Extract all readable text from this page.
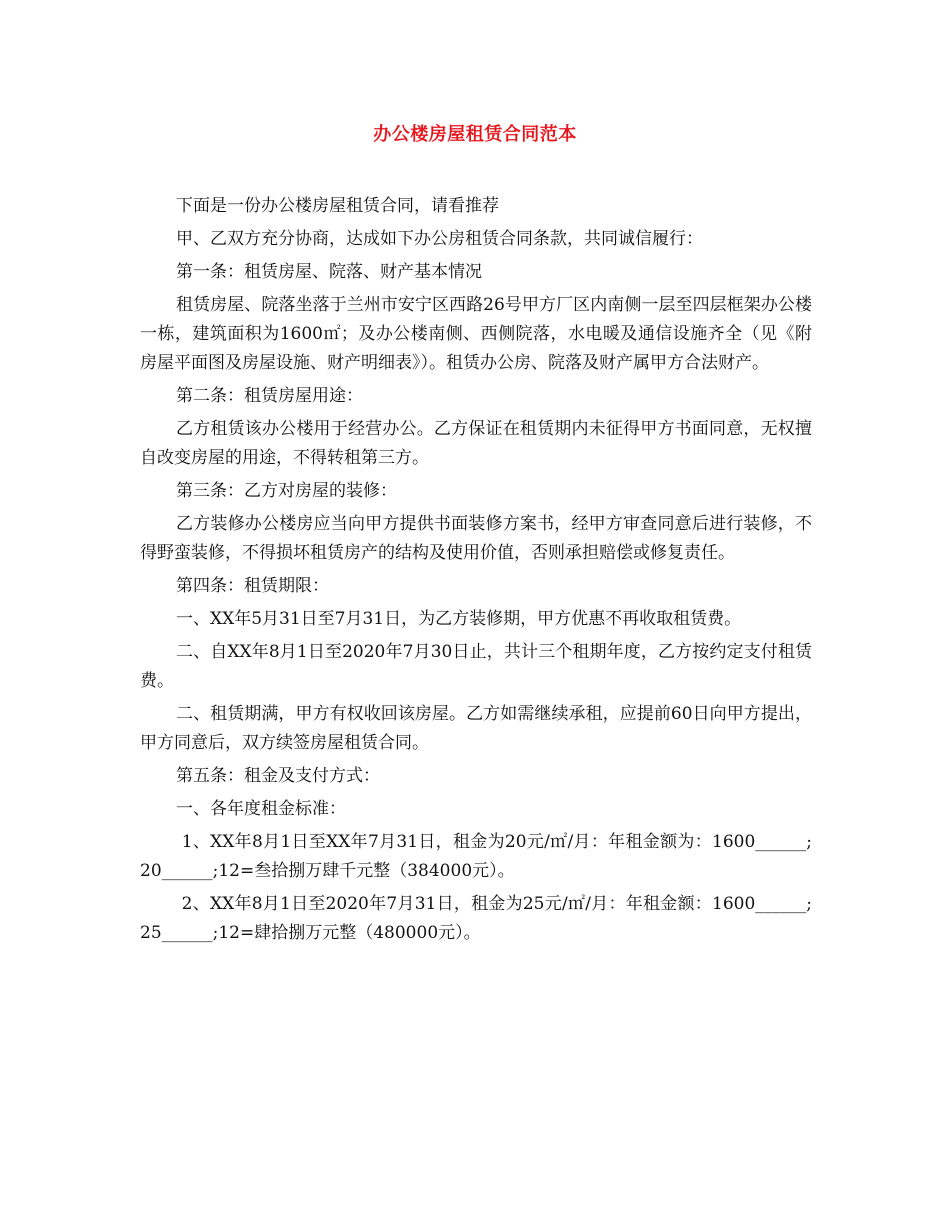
办公楼房屋租赁合同范本

下面是一份办公楼房屋租赁合同，请看推荐

甲、乙双方充分协商，达成如下办公房租赁合同条款，共同诚信履行：

第一条：租赁房屋、院落、财产基本情况

租赁房屋、院落坐落于兰州市安宁区西路26号甲方厂区内南侧一层至四层框架办公楼一栋，建筑面积为1600㎡；及办公楼南侧、西侧院落，水电暖及通信设施齐全（见《附房屋平面图及房屋设施、财产明细表》）。租赁办公房、院落及财产属甲方合法财产。

第二条：租赁房屋用途：

乙方租赁该办公楼用于经营办公。乙方保证在租赁期内未征得甲方书面同意，无权擅自改变房屋的用途，不得转租第三方。

第三条：乙方对房屋的装修：

乙方装修办公楼房应当向甲方提供书面装修方案书，经甲方审查同意后进行装修，不得野蛮装修，不得损坏租赁房产的结构及使用价值，否则承担赔偿或修复责任。

第四条：租赁期限：

一、XX年5月31日至7月31日，为乙方装修期，甲方优惠不再收取租赁费。

二、自XX年8月1日至2020年7月30日止，共计三个租期年度，乙方按约定支付租赁费。

二、租赁期满，甲方有权收回该房屋。乙方如需继续承租，应提前60日向甲方提出，甲方同意后，双方续签房屋租赁合同。

第五条：租金及支付方式：

一、各年度租金标准：

1、XX年8月1日至XX年7月31日，租金为20元/㎡/月：年租金额为：1600______;20______;12=叁拾捌万肆千元整（384000元）。

2、XX年8月1日至2020年7月31日，租金为25元/㎡/月：年租金额：1600______;25______;12=肆拾捌万元整（480000元）。
